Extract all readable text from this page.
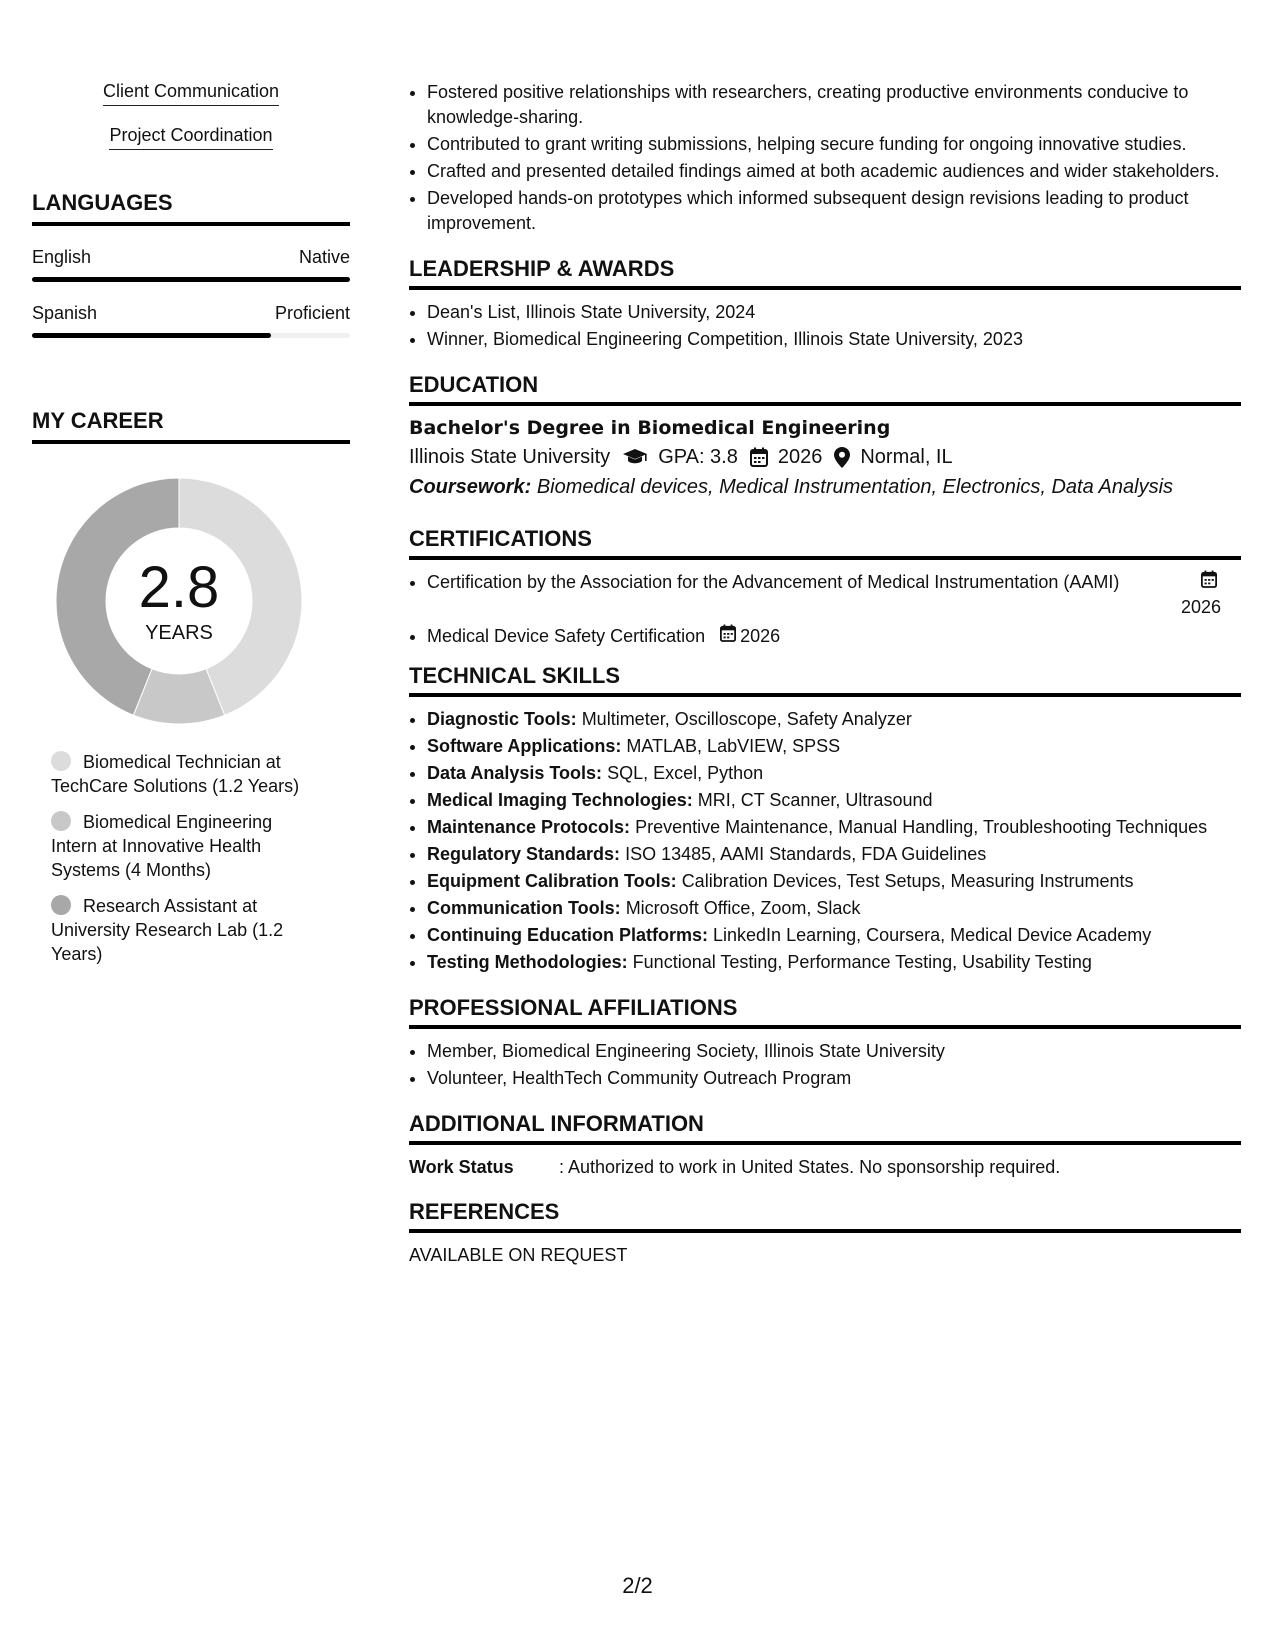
Client Communication
Project Coordination
LANGUAGES
English	Native
Spanish	Proficient
MY CAREER
2.8
YEARS
Biomedical Technician at TechCare Solutions (1.2 Years)
Biomedical Engineering Intern at Innovative Health Systems (4 Months)
Research Assistant at University Research Lab (1.2 Years)
• Fostered positive relationships with researchers, creating productive environments conducive to knowledge-sharing.
• Contributed to grant writing submissions, helping secure funding for ongoing innovative studies.
• Crafted and presented detailed findings aimed at both academic audiences and wider stakeholders.
• Developed hands-on prototypes which informed subsequent design revisions leading to product improvement.
LEADERSHIP & AWARDS
• Dean's List, Illinois State University, 2024
• Winner, Biomedical Engineering Competition, Illinois State University, 2023
EDUCATION
Bachelor's Degree in Biomedical Engineering
Illinois State University GPA: 3.8 2026 Normal, IL
Coursework: Biomedical devices, Medical Instrumentation, Electronics, Data Analysis
CERTIFICATIONS
• Certification by the Association for the Advancement of Medical Instrumentation (AAMI)
2026
• Medical Device Safety Certification 2026
TECHNICAL SKILLS
• Diagnostic Tools: Multimeter, Oscilloscope, Safety Analyzer
• Software Applications: MATLAB, LabVIEW, SPSS
• Data Analysis Tools: SQL, Excel, Python
• Medical Imaging Technologies: MRI, CT Scanner, Ultrasound
• Maintenance Protocols: Preventive Maintenance, Manual Handling, Troubleshooting Techniques
• Regulatory Standards: ISO 13485, AAMI Standards, FDA Guidelines
• Equipment Calibration Tools: Calibration Devices, Test Setups, Measuring Instruments
• Communication Tools: Microsoft Office, Zoom, Slack
• Continuing Education Platforms: LinkedIn Learning, Coursera, Medical Device Academy
• Testing Methodologies: Functional Testing, Performance Testing, Usability Testing
PROFESSIONAL AFFILIATIONS
• Member, Biomedical Engineering Society, Illinois State University
• Volunteer, HealthTech Community Outreach Program
ADDITIONAL INFORMATION
Work Status	: Authorized to work in United States. No sponsorship required.
REFERENCES
AVAILABLE ON REQUEST
2/2
